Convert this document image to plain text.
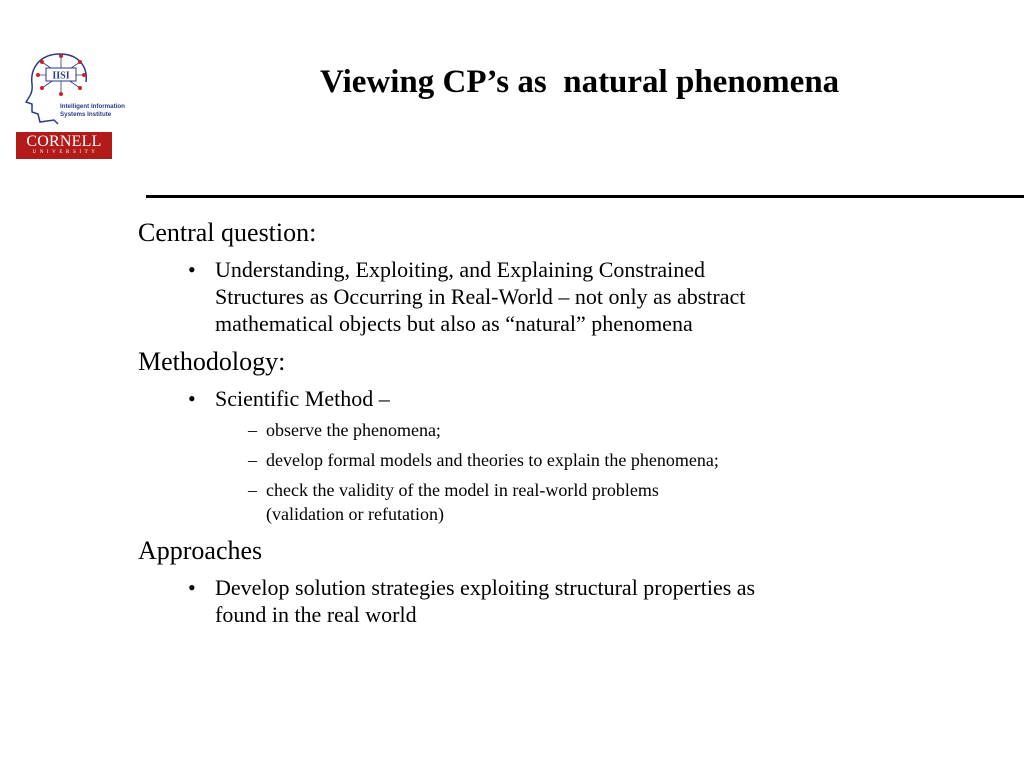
IISI
Intelligent Information
Systems Institute
CORNELL
UNIVERSITY
Viewing CP’s as  natural phenomena

Central question:

• Understanding, Exploiting, and Explaining Constrained
Structures as Occurring in Real-World – not only as abstract
mathematical objects but also as “natural” phenomena

Methodology:

• Scientific Method –
– observe the phenomena;
– develop formal models and theories to explain the phenomena;
– check the validity of the model in real-world problems
(validation or refutation)

Approaches

• Develop solution strategies exploiting structural properties as
found in the real world
